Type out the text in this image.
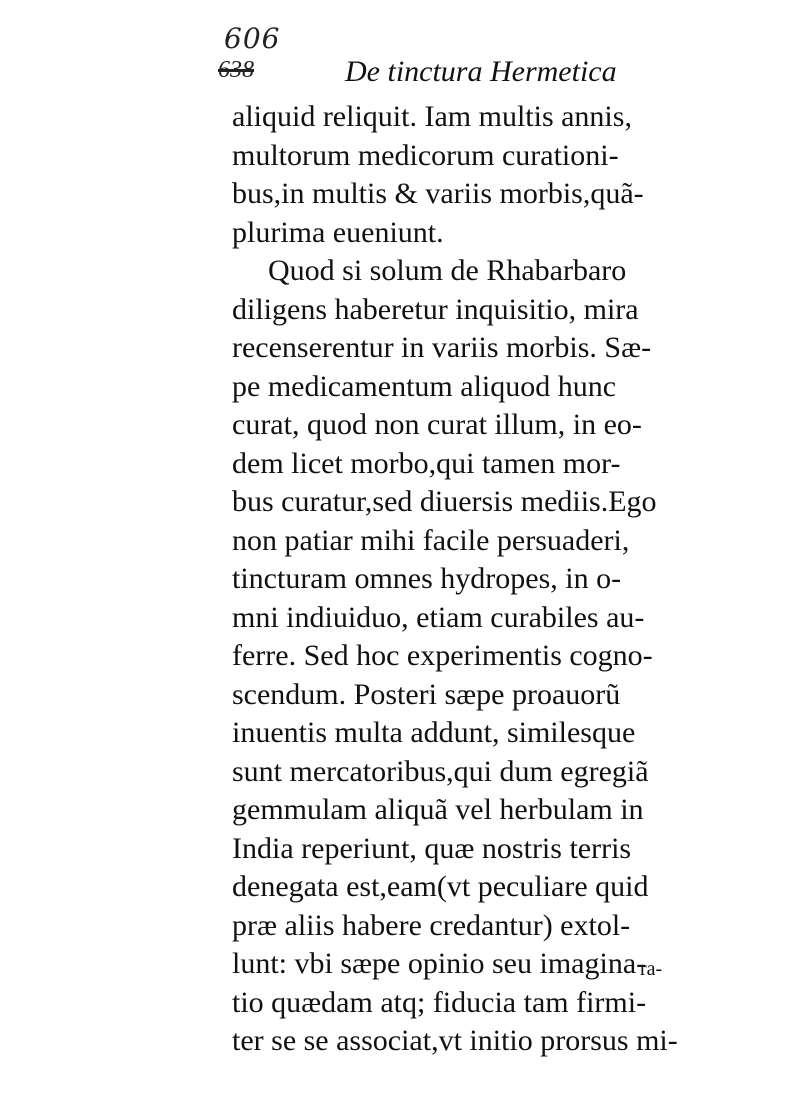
606
638	De tinctura Hermetica
aliquid reliquit. Iam multis annis,
multorum medicorum curationi-
bus,in multis & variis morbis,quã-
plurima eueniunt.
Quod si solum de Rhabarbaro
diligens haberetur inquisitio, mira
recenserentur in variis morbis. Sæ-
pe medicamentum aliquod hunc
curat, quod non curat illum, in eo-
dem licet morbo,qui tamen mor-
bus curatur,sed diuersis mediis.Ego
non patiar mihi facile persuaderi,
tincturam omnes hydropes, in o-
mni indiuiduo, etiam curabiles au-
ferre. Sed hoc experimentis cogno-
scendum. Posteri sæpe proauorũ
inuentis multa addunt, similesque
sunt mercatoribus,qui dum egregiã
gemmulam aliquã vel herbulam in
India reperiunt, quæ nostris terris
denegata est,eam(vt peculiare quid
præ aliis habere credantur) extol-
lunt: vbi sæpe opinio seu imagina-
tio quædam atq; fiducia tam firmi-
ter se se associat,vt initio prorsus mi-
ra-
